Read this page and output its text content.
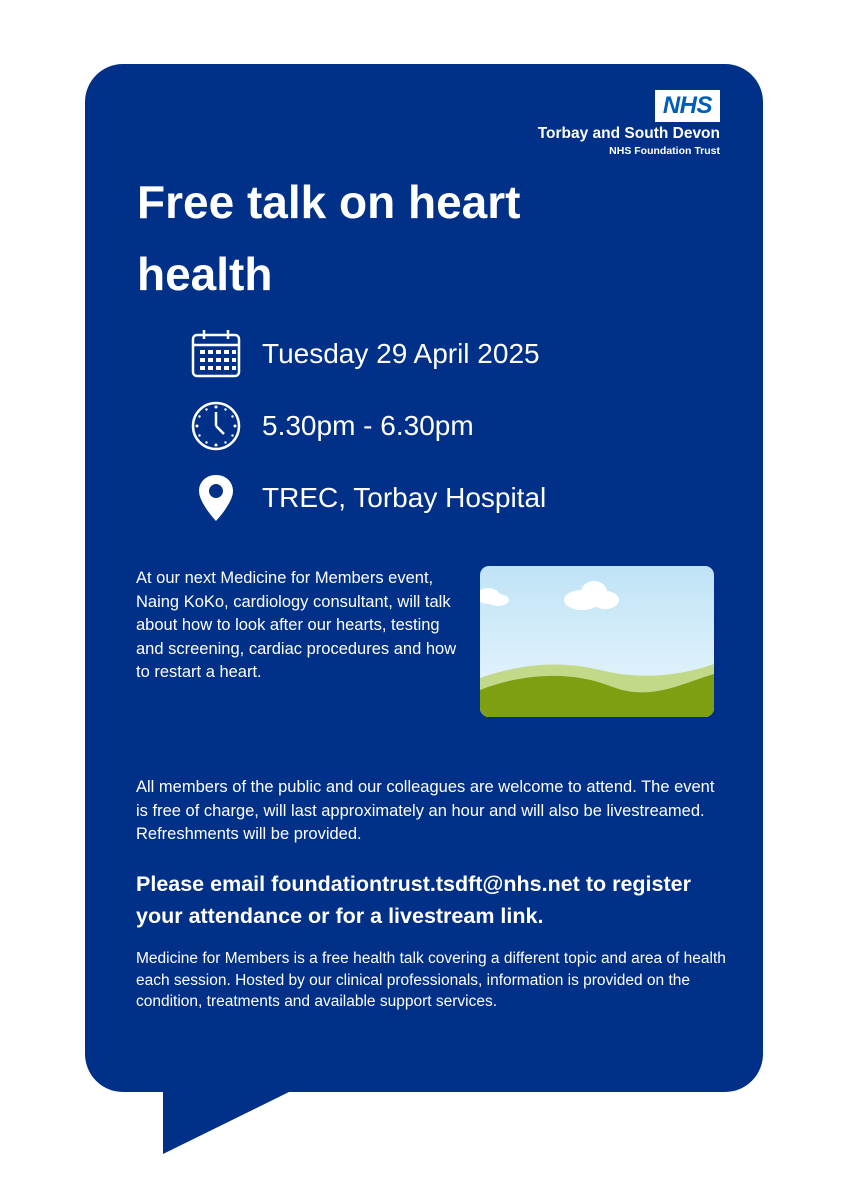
NHS
Torbay and South Devon
NHS Foundation Trust
Free talk on heart health
Tuesday 29 April 2025
5.30pm - 6.30pm
TREC, Torbay Hospital

At our next Medicine for Members event, Naing KoKo, cardiology consultant, will talk about how to look after our hearts, testing and screening, cardiac procedures and how to restart a heart.

All members of the public and our colleagues are welcome to attend. The event is free of charge, will last approximately an hour and will also be livestreamed. Refreshments will be provided.

Please email foundationtrust.tsdft@nhs.net to register your attendance or for a livestream link.

Medicine for Members is a free health talk covering a different topic and area of health each session. Hosted by our clinical professionals, information is provided on the condition, treatments and available support services.
